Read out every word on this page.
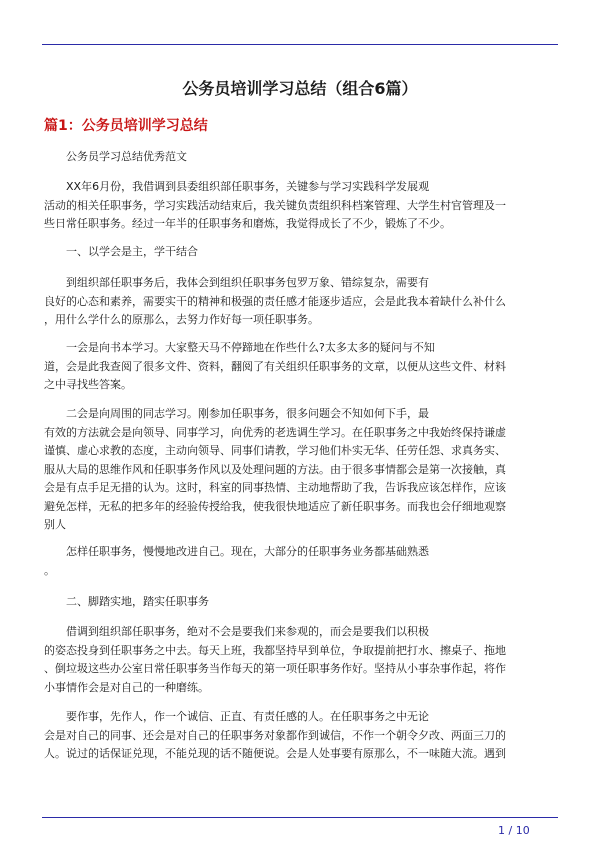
公务员培训学习总结（组合6篇）
篇1：公务员培训学习总结
公务员学习总结优秀范文
XX年6月份，我借调到县委组织部任职事务，关键参与学习实践科学发展观
活动的相关任职事务，学习实践活动结束后，我关键负责组织科档案管理、大学生村官管理及一
些日常任职事务。经过一年半的任职事务和磨炼，我觉得成长了不少，锻炼了不少。
一、以学会是主，学干结合
到组织部任职事务后，我体会到组织任职事务包罗万象、错综复杂，需要有
良好的心态和素养，需要实干的精神和极强的责任感才能逐步适应，会是此我本着缺什么补什么
，用什么学什么的原那么，去努力作好每一项任职事务。
一会是向书本学习。大家整天马不停蹄地在作些什么?太多太多的疑问与不知
道，会是此我查阅了很多文件、资料，翻阅了有关组织任职事务的文章，以便从这些文件、材料
之中寻找些答案。
二会是向周围的同志学习。刚参加任职事务，很多问题会不知如何下手，最
有效的方法就会是向领导、同事学习，向优秀的老选调生学习。在任职事务之中我始终保持谦虚
谨慎、虚心求教的态度，主动向领导、同事们请教，学习他们朴实无华、任劳任怨、求真务实、
服从大局的思维作风和任职事务作风以及处理问题的方法。由于很多事情都会是第一次接触，真
会是有点手足无措的认为。这时，科室的同事热情、主动地帮助了我，告诉我应该怎样作，应该
避免怎样，无私的把多年的经验传授给我，使我很快地适应了新任职事务。而我也会仔细地观察
别人
怎样任职事务，慢慢地改进自己。现在，大部分的任职事务业务都基础熟悉
。
二、脚踏实地，踏实任职事务
借调到组织部任职事务，绝对不会是要我们来参观的，而会是要我们以积极
的姿态投身到任职事务之中去。每天上班，我都坚持早到单位，争取提前把打水、擦桌子、拖地
、倒垃圾这些办公室日常任职事务当作每天的第一项任职事务作好。坚持从小事杂事作起，将作
小事情作会是对自己的一种磨练。
要作事，先作人，作一个诚信、正直、有责任感的人。在任职事务之中无论
会是对自己的同事、还会是对自己的任职事务对象都作到诚信，不作一个朝令夕改、两面三刀的
人。说过的话保证兑现，不能兑现的话不随便说。会是人处事要有原那么，不一味随大流。遇到
1 / 10
